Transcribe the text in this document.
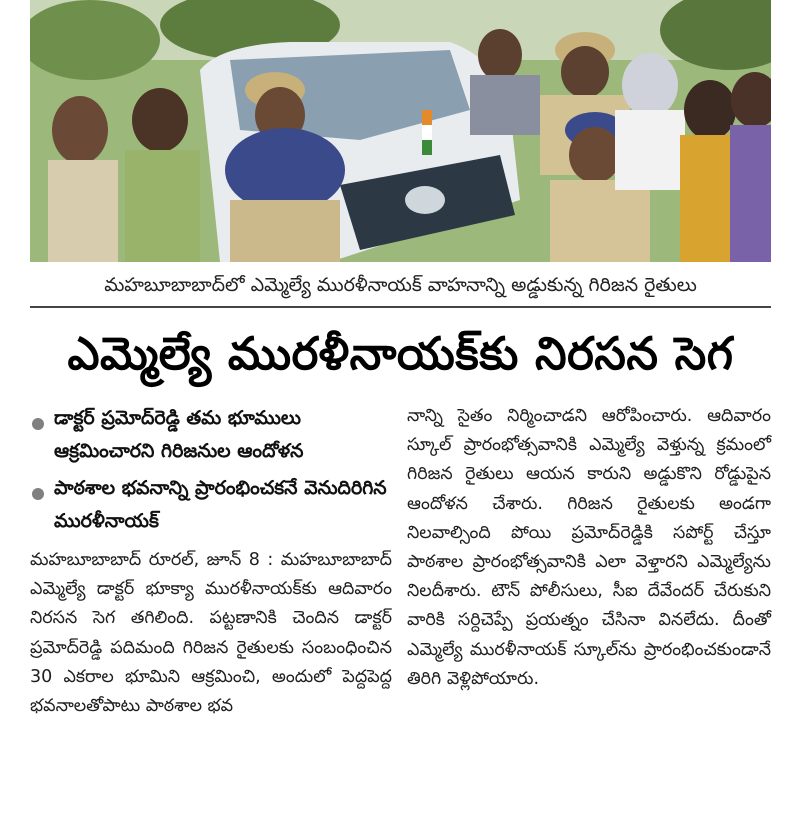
మహబూబాబాద్‌లో ఎమ్మెల్యే మురళీనాయక్‌ వాహనాన్ని అడ్డుకున్న గిరిజన రైతులు
ఎమ్మెల్యే మురళీనాయక్‌కు నిరసన సెగ
డాక్టర్‌ ప్రమోద్‌రెడ్డి తమ భూములు ఆక్రమించారని గిరిజనుల ఆందోళన
పాఠశాల భవనాన్ని ప్రారంభించకనే వెనుదిరిగిన మురళీనాయక్‌
మహబూబాబాద్‌ రూరల్‌, జూన్‌ 8 : మహబూబాబాద్‌ ఎమ్మెల్యే డాక్టర్‌ భూక్యా మురళీనాయక్‌కు ఆదివారం నిరసన సెగ తగిలింది. పట్టణానికి చెందిన డాక్టర్‌ ప్రమోద్‌రెడ్డి పదిమంది గిరిజన రైతులకు సంబంధించిన 30 ఎకరాల భూమిని ఆక్రమించి, అందులో పెద్దపెద్ద భవనాలతోపాటు పాఠశాల భవ
నాన్ని సైతం నిర్మించాడని ఆరోపించారు. ఆదివారం స్కూల్‌ ప్రారంభోత్సవానికి ఎమ్మెల్యే వెళ్తున్న క్రమంలో గిరిజన రైతులు ఆయన కారుని అడ్డుకొని రోడ్డుపైన ఆందోళన చేశారు. గిరిజన రైతులకు అండగా నిలవాల్సింది పోయి ప్రమోద్‌రెడ్డికి సపోర్ట్‌ చేస్తూ పాఠశాల ప్రారంభోత్సవానికి ఎలా వెళ్తారని ఎమ్మెల్యేను నిలదీశారు. టౌన్‌ పోలీసులు, సీఐ దేవేందర్‌ చేరుకుని వారికి సర్దిచెప్పే ప్రయత్నం చేసినా వినలేదు. దీంతో ఎమ్మెల్యే మురళీనాయక్‌ స్కూల్‌ను ప్రారంభించకుండానే తిరిగి వెళ్లిపోయారు.
